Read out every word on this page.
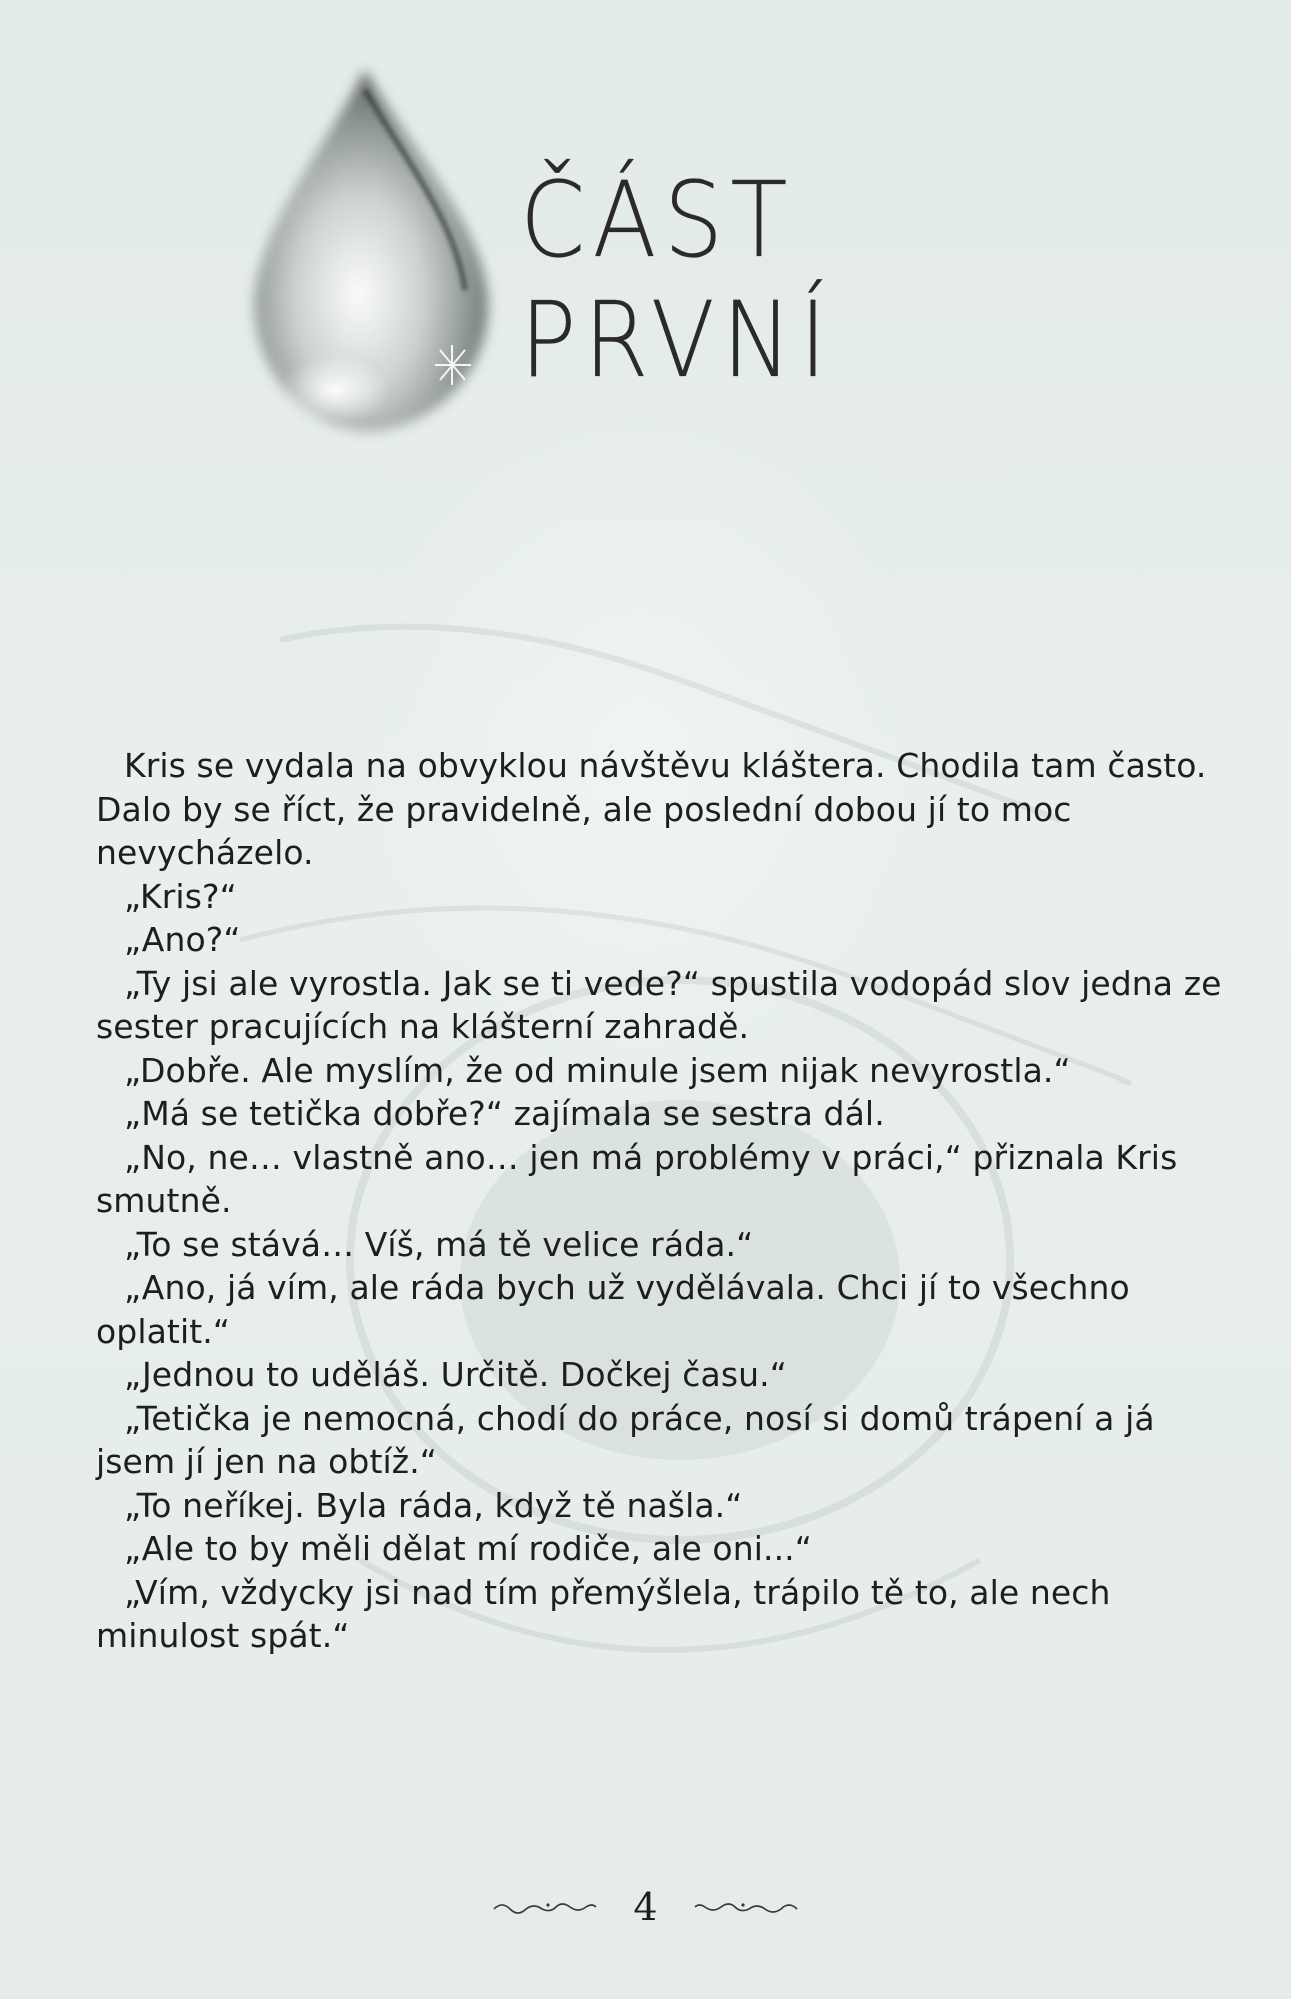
ČÁST
PRVNÍ

Kris se vydala na obvyklou návštěvu kláštera. Chodila tam často. Dalo by se říct, že pravidelně, ale poslední dobou jí to moc nevycházelo.

„Kris?“

„Ano?“

„Ty jsi ale vyrostla. Jak se ti vede?“ spustila vodopád slov jedna ze sester pracujících na klášterní zahradě.

„Dobře. Ale myslím, že od minule jsem nijak nevyrostla.“

„Má se tetička dobře?“ zajímala se sestra dál.

„No, ne… vlastně ano… jen má problémy v práci,“ přiznala Kris smutně.

„To se stává… Víš, má tě velice ráda.“

„Ano, já vím, ale ráda bych už vydělávala. Chci jí to všechno oplatit.“

„Jednou to uděláš. Určitě. Dočkej času.“

„Tetička je nemocná, chodí do práce, nosí si domů trápení a já jsem jí jen na obtíž.“

„To neříkej. Byla ráda, když tě našla.“

„Ale to by měli dělat mí rodiče, ale oni...“

„Vím, vždycky jsi nad tím přemýšlela, trápilo tě to, ale nech minulost spát.“

4
